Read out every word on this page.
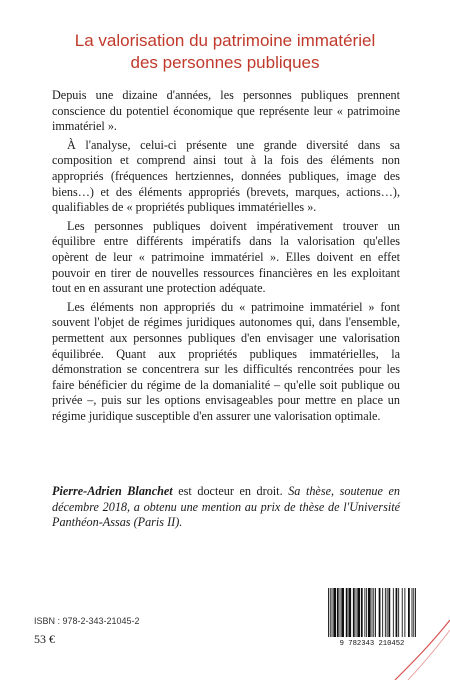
La valorisation du patrimoine immatériel
des personnes publiques

Depuis une dizaine d'années, les personnes publiques prennent conscience du potentiel économique que représente leur « patrimoine immatériel ».

À l'analyse, celui-ci présente une grande diversité dans sa composition et comprend ainsi tout à la fois des éléments non appropriés (fréquences hertziennes, données publiques, image des biens…) et des éléments appropriés (brevets, marques, actions…), qualifiables de « propriétés publiques immatérielles ».

Les personnes publiques doivent impérativement trouver un équilibre entre différents impératifs dans la valorisation qu'elles opèrent de leur « patrimoine immatériel ». Elles doivent en effet pouvoir en tirer de nouvelles ressources financières en les exploitant tout en en assurant une protection adéquate.

Les éléments non appropriés du « patrimoine immatériel » font souvent l'objet de régimes juridiques autonomes qui, dans l'ensemble, permettent aux personnes publiques d'en envisager une valorisation équilibrée. Quant aux propriétés publiques immatérielles, la démonstration se concentrera sur les difficultés rencontrées pour les faire bénéficier du régime de la domanialité – qu'elle soit publique ou privée –, puis sur les options envisageables pour mettre en place un régime juridique susceptible d'en assurer une valorisation optimale.

Pierre-Adrien Blanchet est docteur en droit. Sa thèse, soutenue en décembre 2018, a obtenu une mention au prix de thèse de l'Université Panthéon-Assas (Paris II).

ISBN : 978-2-343-21045-2
53 €	9 782343 210452
